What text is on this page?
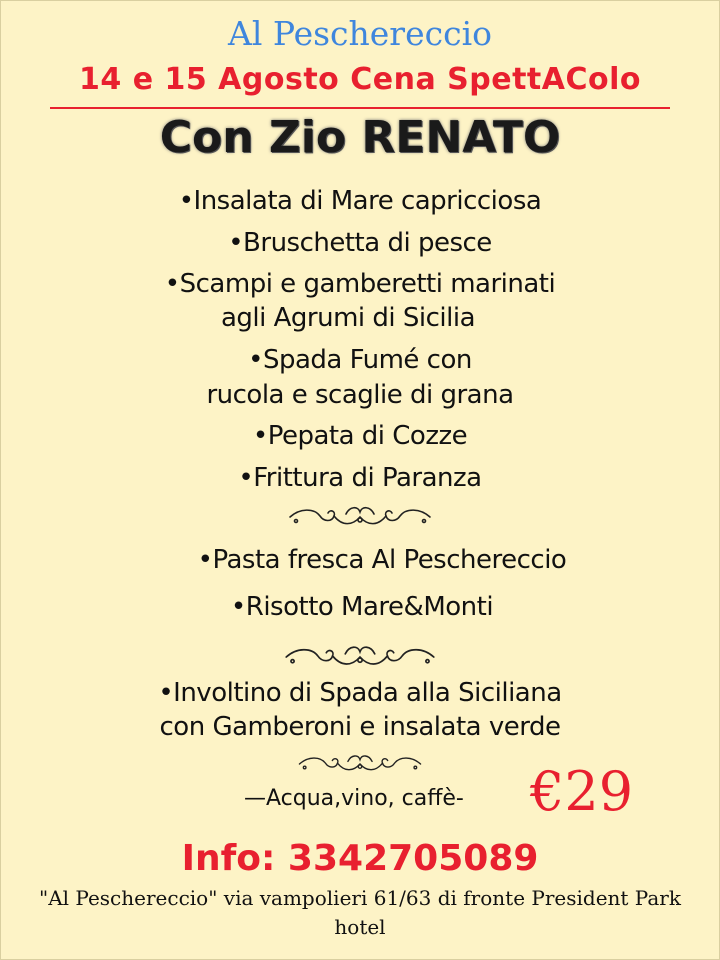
Al Peschereccio
14 e 15 Agosto Cena SpettAColo
Con Zio RENATO
•Insalata di Mare capricciosa
•Bruschetta di pesce
•Scampi e gamberetti marinati
agli Agrumi di Sicilia
•Spada Fumé con
rucola e scaglie di grana
•Pepata di Cozze
•Frittura di Paranza
•Pasta fresca Al Peschereccio
•Risotto Mare&Monti
•Involtino di Spada alla Siciliana
con Gamberoni e insalata verde
—Acqua,vino, caffè- €29
Info: 3342705089
"Al Peschereccio" via vampolieri 61/63 di fronte President Park hotel
